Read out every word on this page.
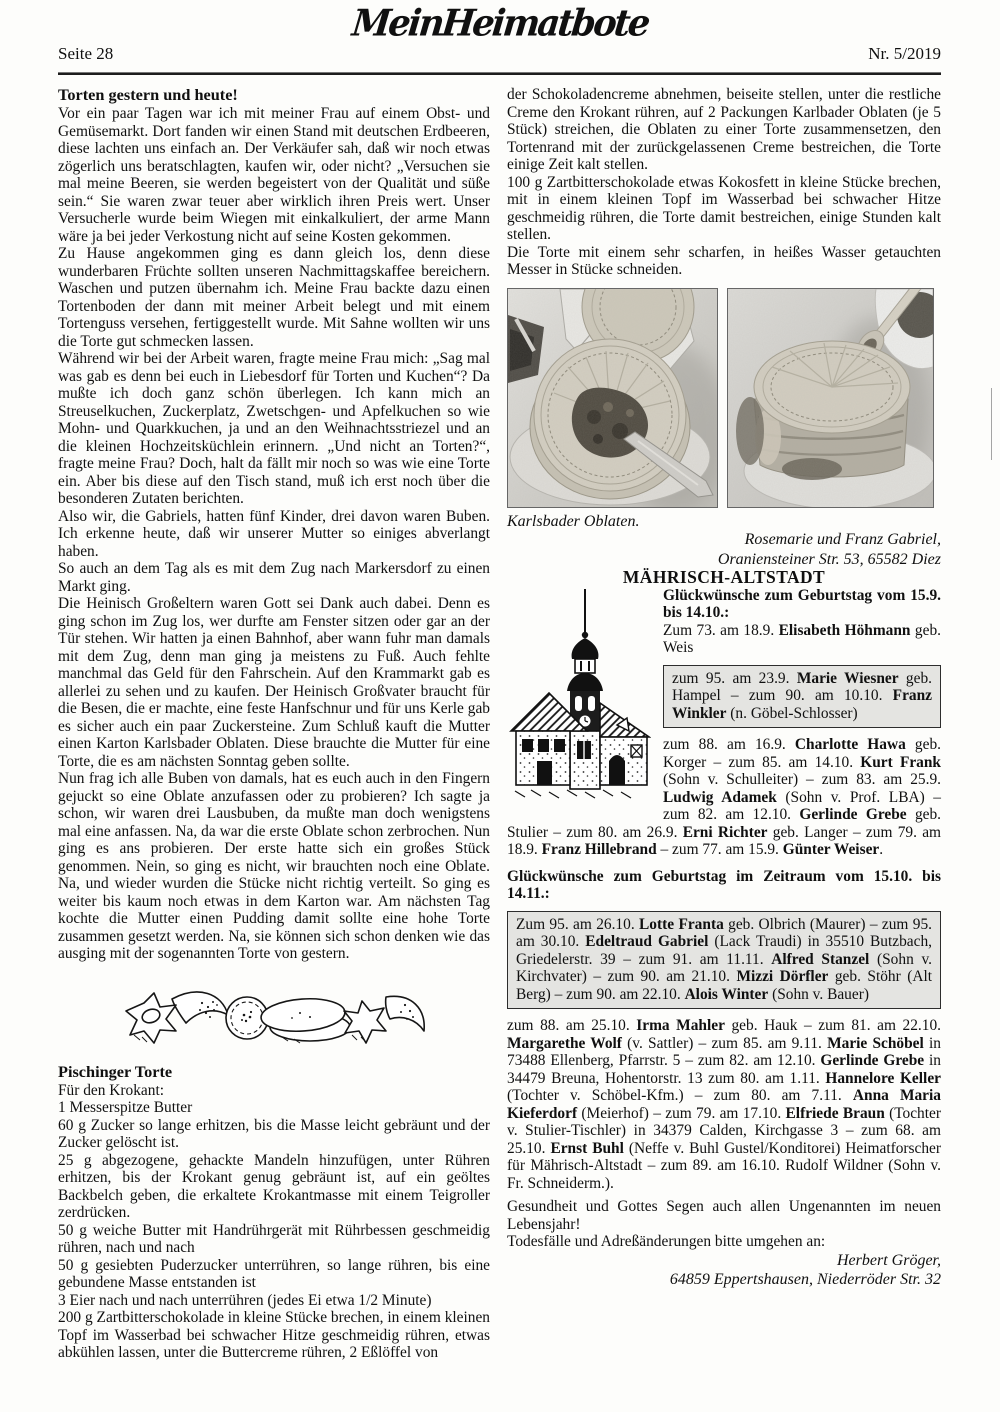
Seite 28
MeinHeimatbote
Nr. 5/2019
Torten gestern und heute!

Vor ein paar Tagen war ich mit meiner Frau auf einem Obst- und Gemüsemarkt. Dort fanden wir einen Stand mit deutschen Erdbeeren, diese lachten uns einfach an. Der Verkäufer sah, daß wir noch etwas zögerlich uns beratschlagten, kaufen wir, oder nicht? „Versuchen sie mal meine Beeren, sie werden begeistert von der Qualität und süße sein.“ Sie waren zwar teuer aber wirklich ihren Preis wert. Unser Versucherle wurde beim Wiegen mit einkalkuliert, der arme Mann wäre ja bei jeder Verkostung nicht auf seine Kosten gekommen.

Zu Hause angekommen ging es dann gleich los, denn diese wunderbaren Früchte sollten unseren Nachmittagskaffee bereichern. Waschen und putzen übernahm ich. Meine Frau backte dazu einen Tortenboden der dann mit meiner Arbeit belegt und mit einem Tortenguss versehen, fertiggestellt wurde. Mit Sahne wollten wir uns die Torte gut schmecken lassen.

Während wir bei der Arbeit waren, fragte meine Frau mich: „Sag mal was gab es denn bei euch in Liebesdorf für Torten und Kuchen“? Da mußte ich doch ganz schön überlegen. Ich kann mich an Streuselkuchen, Zuckerplatz, Zwetschgen- und Apfelkuchen so wie Mohn- und Quarkkuchen, ja und an den Weihnachtsstriezel und an die kleinen Hochzeitsküchlein erinnern. „Und nicht an Torten?“, fragte meine Frau? Doch, halt da fällt mir noch so was wie eine Torte ein. Aber bis diese auf den Tisch stand, muß ich erst noch über die besonderen Zutaten berichten.

Also wir, die Gabriels, hatten fünf Kinder, drei davon waren Buben. Ich erkenne heute, daß wir unserer Mutter so einiges abverlangt haben.

So auch an dem Tag als es mit dem Zug nach Markersdorf zu einen Markt ging.

Die Heinisch Großeltern waren Gott sei Dank auch dabei. Denn es ging schon im Zug los, wer durfte am Fenster sitzen oder gar an der Tür stehen. Wir hatten ja einen Bahnhof, aber wann fuhr man damals mit dem Zug, denn man ging ja meistens zu Fuß. Auch fehlte manchmal das Geld für den Fahrschein. Auf den Krammarkt gab es allerlei zu sehen und zu kaufen. Der Heinisch Großvater braucht für die Besen, die er machte, eine feste Hanfschnur und für uns Kerle gab es sicher auch ein paar Zuckersteine. Zum Schluß kauft die Mutter einen Karton Karlsbader Oblaten. Diese brauchte die Mutter für eine Torte, die es am nächsten Sonntag geben sollte.

Nun frag ich alle Buben von damals, hat es euch auch in den Fingern gejuckt so eine Oblate anzufassen oder zu probieren? Ich sagte ja schon, wir waren drei Lausbuben, da mußte man doch wenigstens mal eine anfassen. Na, da war die erste Oblate schon zerbrochen. Nun ging es ans probieren. Der erste hatte sich ein großes Stück genommen. Nein, so ging es nicht, wir brauchten noch eine Oblate. Na, und wieder wurden die Stücke nicht richtig verteilt. So ging es weiter bis kaum noch etwas in dem Karton war. Am nächsten Tag kochte die Mutter einen Pudding damit sollte eine hohe Torte zusammen gesetzt werden. Na, sie können sich schon denken wie das ausging mit der sogenannten Torte von gestern.

Pischinger Torte

Für den Krokant:

1 Messerspitze Butter

60 g Zucker so lange erhitzen, bis die Masse leicht gebräunt und der Zucker gelöscht ist.

25 g abgezogene, gehackte Mandeln hinzufügen, unter Rühren erhitzen, bis der Krokant genug gebräunt ist, auf ein geöltes Backbelch geben, die erkaltete Krokantmasse mit einem Teigroller zerdrücken.

50 g weiche Butter mit Handrührgerät mit Rührbessen geschmeidig rühren, nach und nach

50 g gesiebten Puderzucker unterrühren, so lange rühren, bis eine gebundene Masse entstanden ist

3 Eier nach und nach unterrühren (jedes Ei etwa 1/2 Minute)

200 g Zartbitterschokolade in kleine Stücke brechen, in einem kleinen Topf im Wasserbad bei schwacher Hitze geschmeidig rühren, etwas abkühlen lassen, unter die Buttercreme rühren, 2 Eßlöffel von

der Schokoladencreme abnehmen, beiseite stellen, unter die restliche Creme den Krokant rühren, auf 2 Packungen Karlbader Oblaten (je 5 Stück) streichen, die Oblaten zu einer Torte zusammensetzen, den Tortenrand mit der zurückgelassenen Creme bestreichen, die Torte einige Zeit kalt stellen.

100 g Zartbitterschokolade etwas Kokosfett in kleine Stücke brechen, mit in einem kleinen Topf im Wasserbad bei schwacher Hitze geschmeidig rühren, die Torte damit bestreichen, einige Stunden kalt stellen.

Die Torte mit einem sehr scharfen, in heißes Wasser getauchten Messer in Stücke schneiden.

Karlsbader Oblaten.

Rosemarie und Franz Gabriel,

Oraniensteiner Str. 53, 65582 Diez

MÄHRISCH-ALTSTADT

Glückwünsche zum Geburtstag vom 15.9. bis 14.10.:

Zum 73. am 18.9. Elisabeth Höhmann geb. Weis

zum 95. am 23.9. Marie Wiesner geb. Hampel – zum 90. am 10.10. Franz Winkler (n. Göbel-Schlosser)

zum 88. am 16.9. Charlotte Hawa geb. Korger – zum 85. am 14.10. Kurt Frank (Sohn v. Schulleiter) – zum 83. am 25.9. Ludwig Adamek (Sohn v. Prof. LBA) – zum 82. am 12.10. Gerlinde Grebe geb. Stulier – zum 80. am 26.9. Erni Richter geb. Langer – zum 79. am 18.9. Franz Hillebrand – zum 77. am 15.9. Günter Weiser.

Glückwünsche zum Geburtstag im Zeitraum vom 15.10. bis 14.11.:

Zum 95. am 26.10. Lotte Franta geb. Olbrich (Maurer) – zum 95. am 30.10. Edeltraud Gabriel (Lack Traudi) in 35510 Butzbach, Griedelerstr. 39 – zum 91. am 11.11. Alfred Stanzel (Sohn v. Kirchvater) – zum 90. am 21.10. Mizzi Dörfler geb. Stöhr (Alt Berg) – zum 90. am 22.10. Alois Winter (Sohn v. Bauer)

zum 88. am 25.10. Irma Mahler geb. Hauk – zum 81. am 22.10. Margarethe Wolf (v. Sattler) – zum 85. am 9.11. Marie Schöbel in 73488 Ellenberg, Pfarrstr. 5 – zum 82. am 12.10. Gerlinde Grebe in 34479 Breuna, Hohentorstr. 13 zum 80. am 1.11. Hannelore Keller (Tochter v. Schöbel-Kfm.) – zum 80. am 7.11. Anna Maria Kieferdorf (Meierhof) – zum 79. am 17.10. Elfriede Braun (Tochter v. Stulier-Tischler) in 34379 Calden, Kirchgasse 3 – zum 68. am 25.10. Ernst Buhl (Neffe v. Buhl Gustel/Konditorei) Heimatforscher für Mährisch-Altstadt – zum 89. am 16.10. Rudolf Wildner (Sohn v. Fr. Schneiderm.).

Gesundheit und Gottes Segen auch allen Ungenannten im neuen Lebensjahr!

Todesfälle und Adreßänderungen bitte umgehen an:

Herbert Gröger,

64859 Eppertshausen, Niederröder Str. 32
